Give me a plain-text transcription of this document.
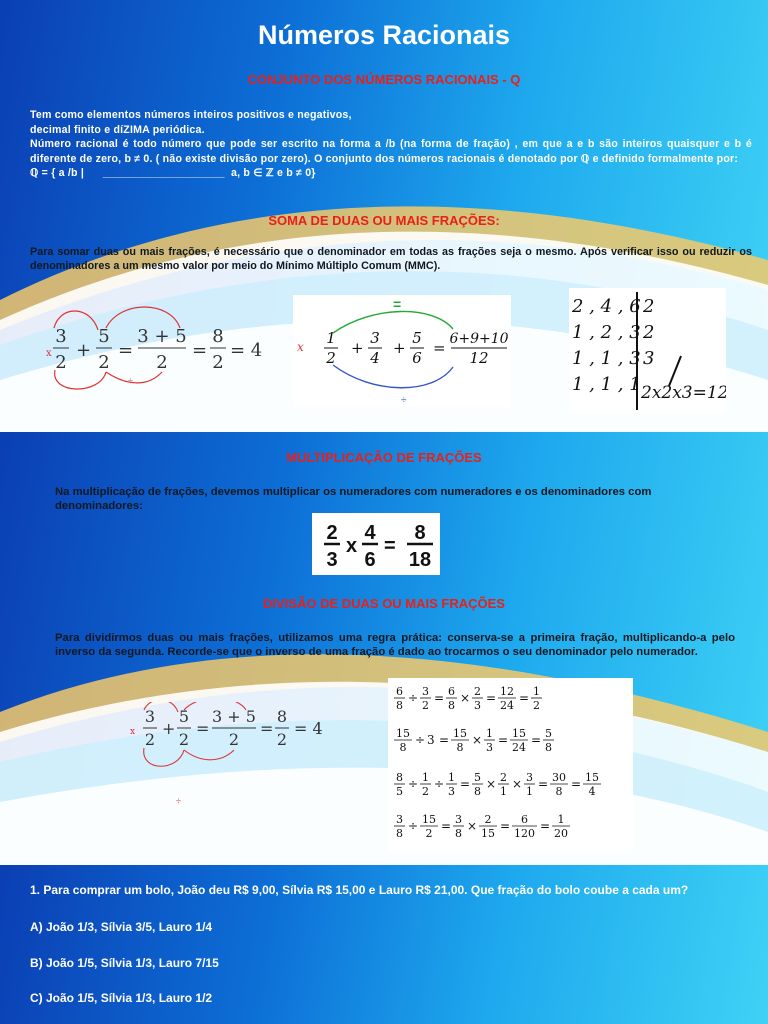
Números Racionais
CONJUNTO DOS NÚMEROS RACIONAIS - Q
Tem como elementos números inteiros positivos e negativos,
decimal finito e díZIMA periódica.
Número racional é todo número que pode ser escrito na forma a /b (na forma de fração) , em que a e b são inteiros quaisquer e b é diferente de zero, b ≠ 0. ( não existe divisão por zero). O conjunto dos números racionais é denotado por ℚ e definido formalmente por:
ℚ = { a /b |      ____________________  a, b ∈ ℤ e b ≠ 0}
SOMA DE DUAS OU MAIS FRAÇÕES:
Para somar duas ou mais frações, é necessário que o denominador em todas as frações seja o mesmo. Após verificar isso ou reduzir os denominadores a um mesmo valor por meio do Mínimo Múltiplo Comum (MMC).
x
3
2
+
5
2
=
3 + 5
2
=
8
2
= 4
÷
=
x 1
2
+
3
4
+
5
6
= 6+9+10
12
÷
2 , 4 , 6
1 , 2 , 3
1 , 1 , 3
1 , 1 , 1
2
2
3
2x2x3=12
MULTIPLICAÇÃO DE FRAÇÕES
Na multiplicação de frações, devemos multiplicar os numeradores com numeradores e os denominadores com denominadores:
2
3
x
4
6
=
8
18
DIVISÃO DE DUAS OU MAIS FRAÇÕES
Para dividirmos duas ou mais frações, utilizamos uma regra prática: conserva-se a primeira fração, multiplicando-a pelo inverso da segunda. Recorde-se que o inverso de uma fração é dado ao trocarmos o seu denominador pelo numerador.
x
3
2
+
5
2
=
3 + 5
2
=
8
2
= 4
÷
6
8
÷ 3
2
= 6
8
× 2
3
= 12
24
= 1
2
15
8
÷ 3 = 15
8
× 1
3
= 15
24
= 5
8
8
5
÷ 1
2
÷ 1
3
= 5
8
× 2
1
× 3
1
= 30
8
= 15
4
3
8
÷ 15
2
= 3
8
× 2
15
= 6
120
= 1
20
1. Para comprar um bolo, João deu R$ 9,00, Sílvia R$ 15,00 e Lauro R$ 21,00. Que fração do bolo coube a cada um?
A) João 1/3, Sílvia 3/5, Lauro 1/4
B) João 1/5, Sílvia 1/3, Lauro 7/15
C) João 1/5, Sílvia 1/3, Lauro 1/2
